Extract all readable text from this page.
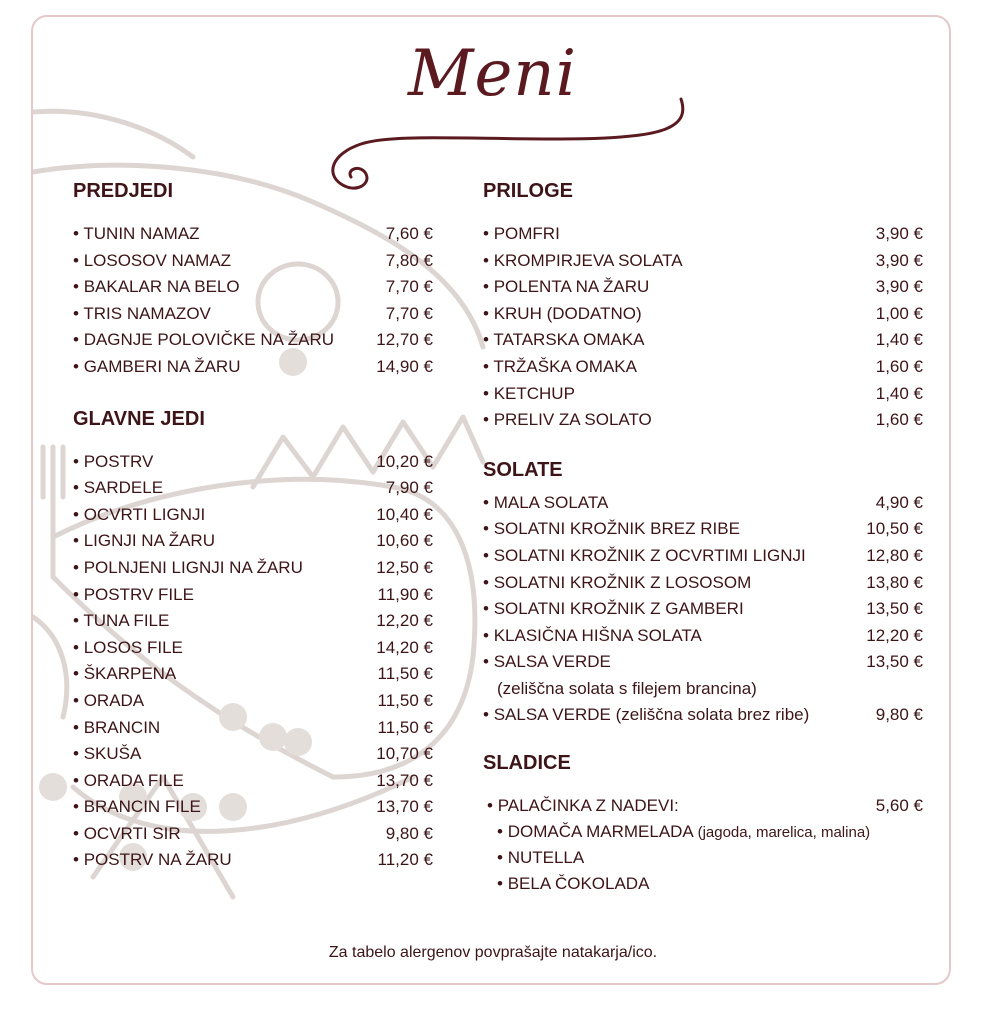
Meni
PREDJEDI
• TUNIN NAMAZ	7,60 €
• LOSOSOV NAMAZ	7,80 €
• BAKALAR NA BELO	7,70 €
• TRIS NAMAZOV	7,70 €
• DAGNJE POLOVIČKE NA ŽARU 12,70 €
• GAMBERI NA ŽARU	14,90 €
GLAVNE JEDI
• POSTRV	10,20 €
• SARDELE	7,90 €
• OCVRTI LIGNJI	10,40 €
• LIGNJI NA ŽARU	10,60 €
• POLNJENI LIGNJI NA ŽARU	12,50 €
• POSTRV FILE	11,90 €
• TUNA FILE	12,20 €
• LOSOS FILE	14,20 €
• ŠKARPENA	11,50 €
• ORADA	11,50 €
• BRANCIN	11,50 €
• SKUŠA	10,70 €
• ORADA FILE	13,70 €
• BRANCIN FILE	13,70 €
• OCVRTI SIR	9,80 €
• POSTRV NA ŽARU	11,20 €
PRILOGE
• POMFRI	3,90 €
• KROMPIRJEVA SOLATA	3,90 €
• POLENTA NA ŽARU	3,90 €
• KRUH (DODATNO)	1,00 €
• TATARSKA OMAKA	1,40 €
• TRŽAŠKA OMAKA	1,60 €
• KETCHUP	1,40 €
• PRELIV ZA SOLATO	1,60 €
SOLATE
• MALA SOLATA	4,90 €
• SOLATNI KROŽNIK BREZ RIBE	10,50 €
• SOLATNI KROŽNIK Z OCVRTIMI LIGNJI	12,80 €
• SOLATNI KROŽNIK Z LOSOSOM	13,80 €
• SOLATNI KROŽNIK Z GAMBERI	13,50 €
• KLASIČNA HIŠNA SOLATA	12,20 €
• SALSA VERDE	13,50 €
(zeliščna solata s filejem brancina)
• SALSA VERDE (zeliščna solata brez ribe)	9,80 €
SLADICE
• PALAČINKA Z NADEVI:	5,60 €
• DOMAČA MARMELADA (jagoda, marelica, malina)
• NUTELLA
• BELA ČOKOLADA
Za tabelo alergenov povprašajte natakarja/ico.
